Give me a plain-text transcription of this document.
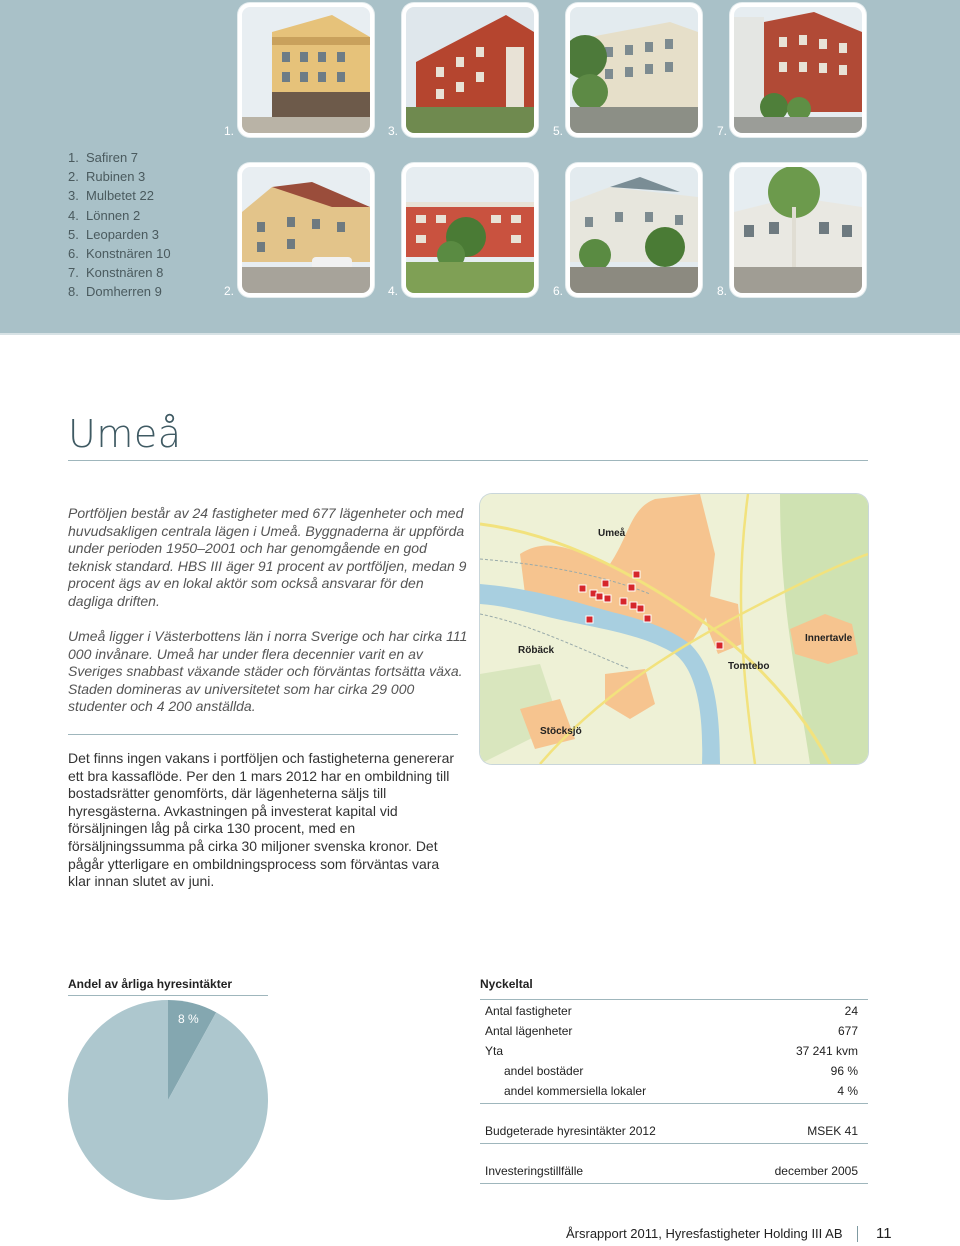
1. Safiren 7
2. Rubinen 3
3. Mulbetet 22
4. Lönnen 2
5. Leoparden 3
6. Konstnären 10
7. Konstnären 8
8. Domherren 9
1.	3.	5.	7.
2.	4.	6.	8.
Umeå

Portföljen består av 24 fastigheter med 677 lägenheter och med huvudsakligen centrala lägen i Umeå. Byggnaderna är uppförda under perioden 1950–2001 och har genomgående en god teknisk standard. HBS III äger 91 procent av portföljen, medan 9 procent ägs av en lokal aktör som också ansvarar för den dagliga driften.

Umeå ligger i Västerbottens län i norra Sverige och har cirka 111 000 invånare. Umeå har under flera decennier varit en av Sveriges snabbast växande städer och förväntas fortsätta växa. Staden domineras av universitetet som har cirka 29 000 studenter och 4 200 anställda.

Det finns ingen vakans i portföljen och fastigheterna genererar ett bra kassaflöde. Per den 1 mars 2012 har en ombildning till bostadsrätter genomförts, där lägenheterna säljs till hyresgästerna. Avkastningen på investerat kapital vid försäljningen låg på cirka 130 procent, med en försäljningssumma på cirka 30 miljoner svenska kronor. Det pågår ytterligare en ombildningsprocess som förväntas vara klar innan slutet av juni.

Umeå
Röbäck
Innertavle
Tomtebo
Stöcksjö
Andel av årliga hyresintäkter
8 %
Nyckeltal
Antal fastigheter	24
Antal lägenheter	677
Yta	37 241 kvm
andel bostäder	96 %
andel kommersiella lokaler	4 %
Budgeterade hyresintäkter 2012	MSEK 41
Investeringstillfälle	december 2005
Årsrapport 2011, Hyresfastigheter Holding III AB 11
